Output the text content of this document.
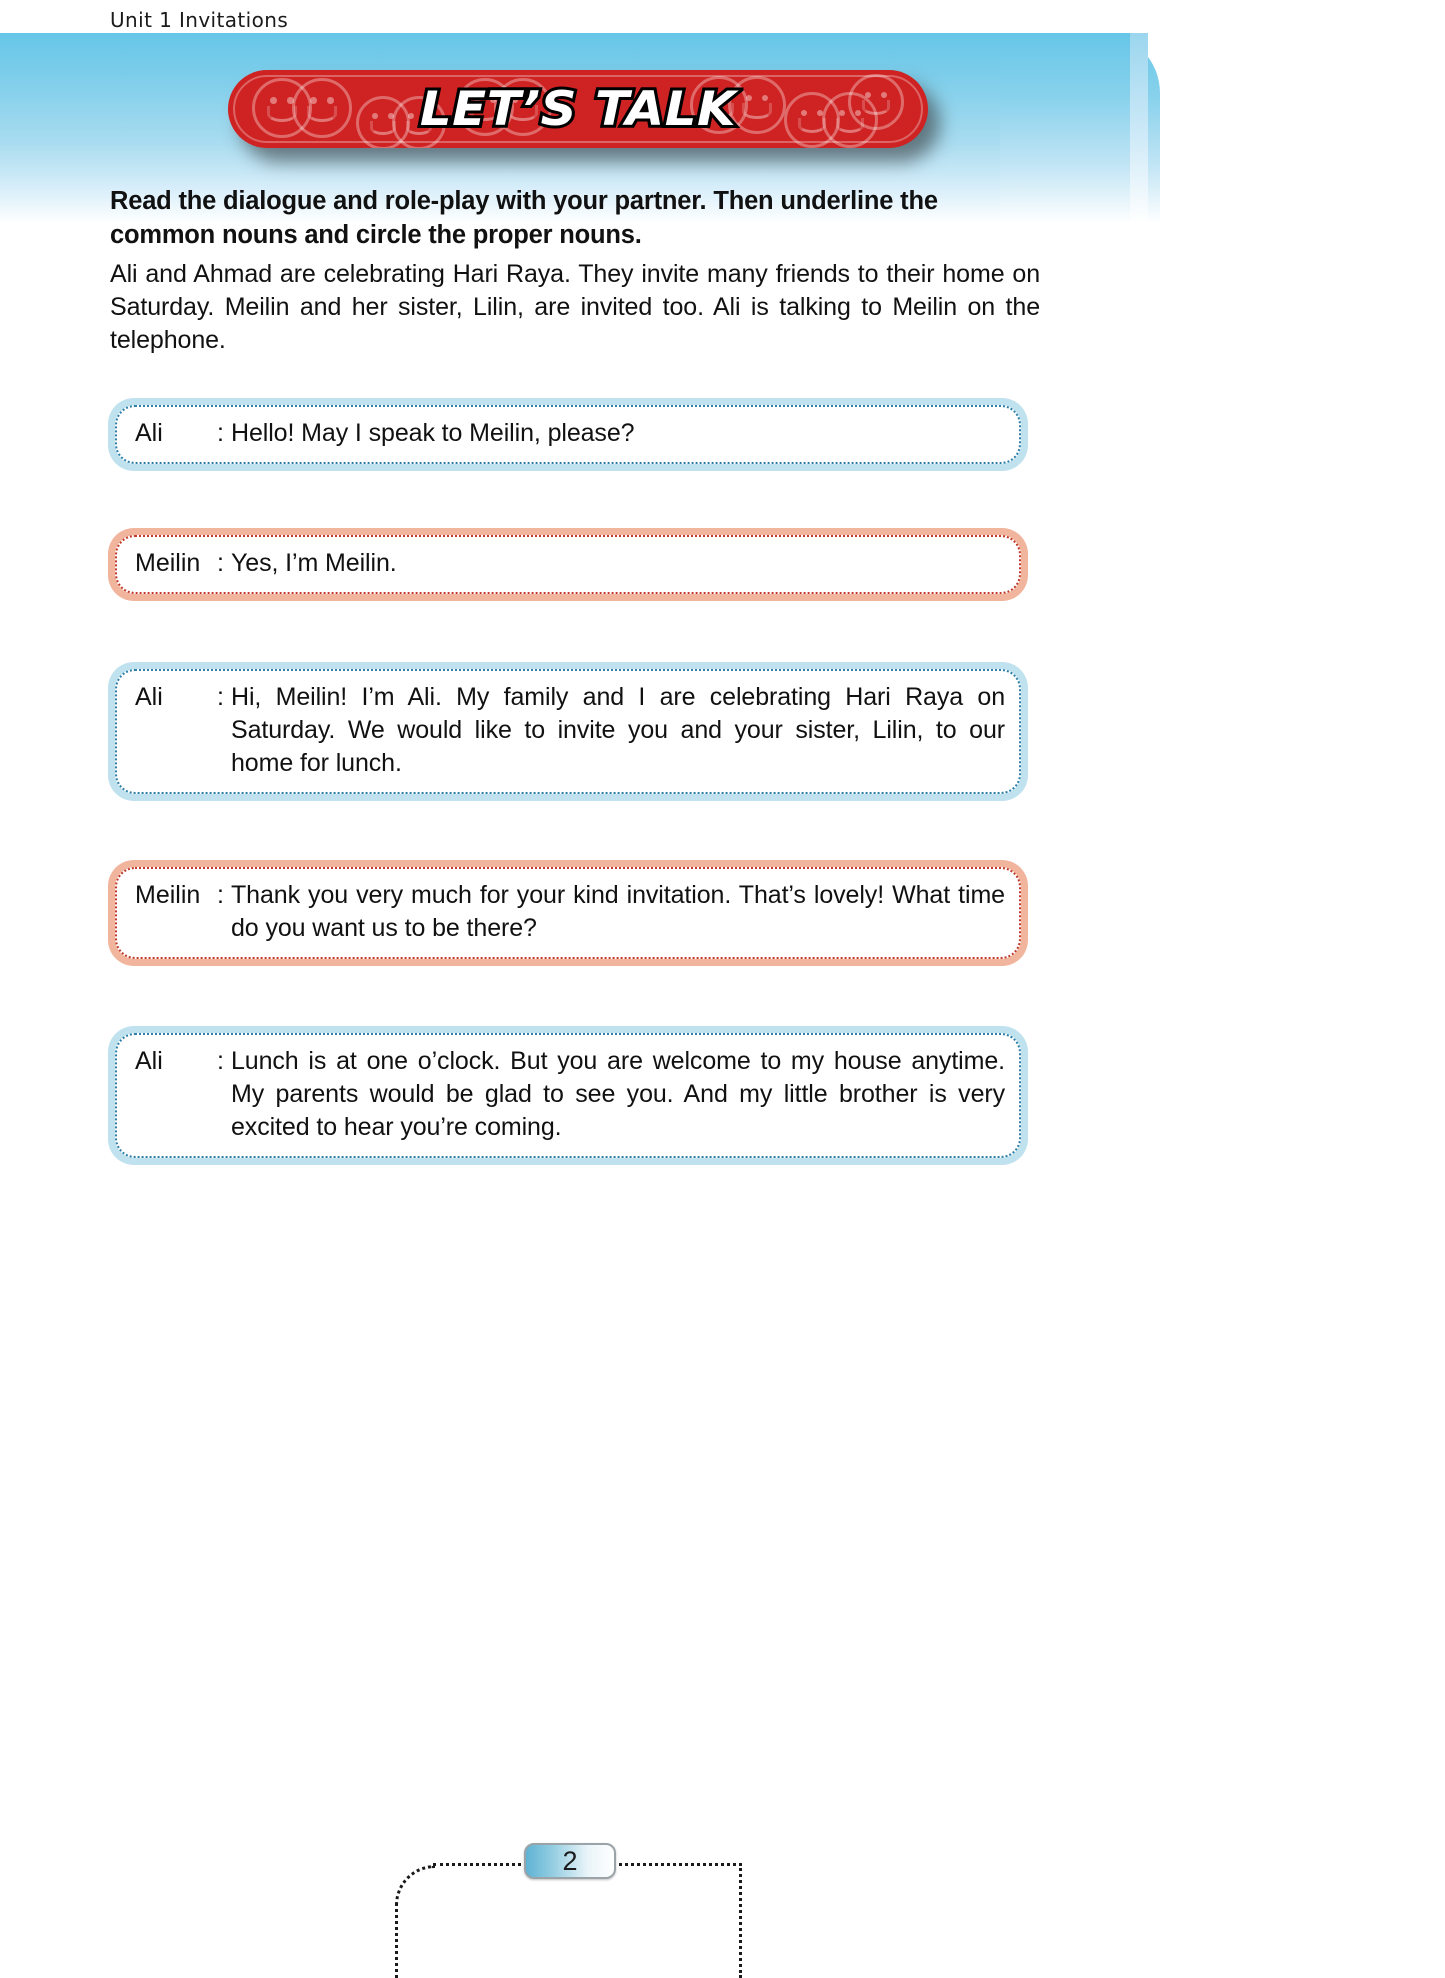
Unit 1 Invitations
LET’S TALK
Read the dialogue and role-play with your partner. Then underline the common nouns and circle the proper nouns.
Ali and Ahmad are celebrating Hari Raya. They invite many friends to their home on Saturday. Meilin and her sister, Lilin, are invited too. Ali is talking to Meilin on the telephone.
Ali	: Hello! May I speak to Meilin, please?
Meilin : Yes, I’m Meilin.
Ali	: Hi, Meilin! I’m Ali. My family and I are celebrating Hari Raya on Saturday. We would like to invite you and your sister, Lilin, to our home for lunch.
Meilin : Thank you very much for your kind invitation. That’s lovely! What time do you want us to be there?
Ali	: Lunch is at one o’clock. But you are welcome to my house anytime. My parents would be glad to see you. And my little brother is very excited to hear you’re coming.
2
